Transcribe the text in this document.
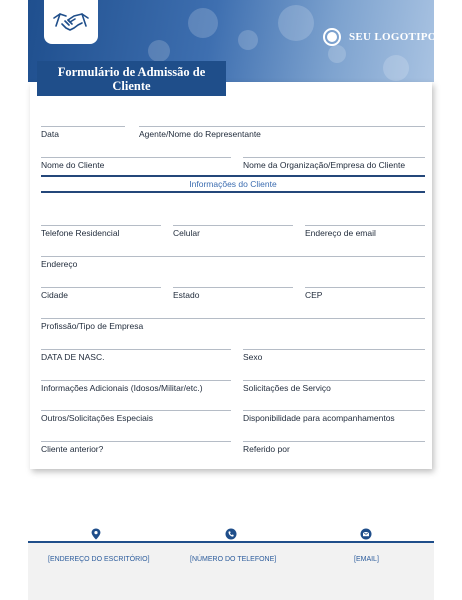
SEU LOGOTIPO
Formulário de Admissão de Cliente
Data	Agente/Nome do Representante
Nome do Cliente	Nome da Organização/Empresa do Cliente
Informações do Cliente
Telefone Residencial	Celular	Endereço de email
Endereço
Cidade	Estado	CEP
Profissão/Tipo de Empresa
DATA DE NASC.	Sexo
Informações Adicionais (Idosos/Militar/etc.)	Solicitações de Serviço
Outros/Solicitações Especiais	Disponibilidade para acompanhamentos
Cliente anterior?	Referido por
[ENDEREÇO DO ESCRITÓRIO]	[NÚMERO DO TELEFONE]	[EMAIL]
